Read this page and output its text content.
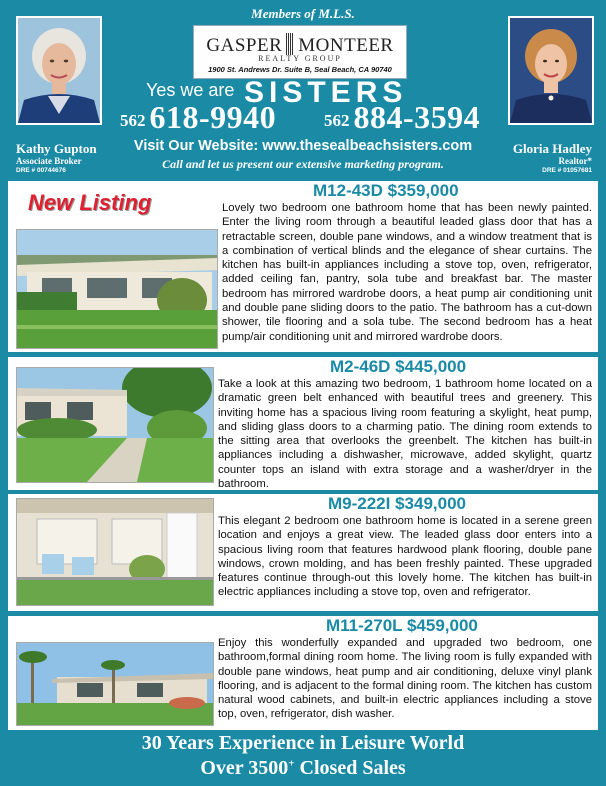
Members of M.L.S.
GASPER MONTEER
REALTY GROUP
1900 St. Andrews Dr. Suite B, Seal Beach, CA 90740
Yes we are SISTERS
562 618-9940	562 884-3594
Visit Our Website: www.thesealbeachsisters.com
Call and let us present our extensive marketing program.
Kathy Gupton
Associate Broker
DRE # 00744676
Gloria Hadley
Realtor*
DRE # 01057681
New Listing	M12-43D $359,000
Lovely two bedroom one bathroom home that has been newly painted. Enter the living room through a beautiful leaded glass door that has a retractable screen, double pane windows, and a window treatment that is a combination of vertical blinds and the elegance of shear curtains. The kitchen has built-in appliances including a stove top, oven, refrigerator, added ceiling fan, pantry, sola tube and breakfast bar. The master bedroom has mirrored wardrobe doors, a heat pump air conditioning unit and double pane sliding doors to the patio. The bathroom has a cut-down shower, tile flooring and a sola tube. The second bedroom has a heat pump/air conditioning unit and mirrored wardrobe doors.
M2-46D $445,000
Take a look at this amazing two bedroom, 1 bathroom home located on a dramatic green belt enhanced with beautiful trees and greenery. This inviting home has a spacious living room featuring a skylight, heat pump, and sliding glass doors to a charming patio. The dining room extends to the sitting area that overlooks the greenbelt. The kitchen has built-in appliances including a dishwasher, microwave, added skylight, quartz counter tops an island with extra storage and a washer/dryer in the bathroom.
M9-222I $349,000
This elegant 2 bedroom one bathroom home is located in a serene green location and enjoys a great view. The leaded glass door enters into a spacious living room that features hardwood plank flooring, double pane windows, crown molding, and has been freshly painted. These upgraded features continue through-out this lovely home. The kitchen has built-in electric appliances including a stove top, oven and refrigerator.
M11-270L $459,000
Enjoy this wonderfully expanded and upgraded two bedroom, one bathroom,formal dining room home. The living room is fully expanded with double pane windows, heat pump and air conditioning, deluxe vinyl plank flooring, and is adjacent to the formal dining room. The kitchen has custom natural wood cabinets, and built-in electric appliances including a stove top, oven, refrigerator, dish washer.
30 Years Experience in Leisure World
Over 3500+ Closed Sales
